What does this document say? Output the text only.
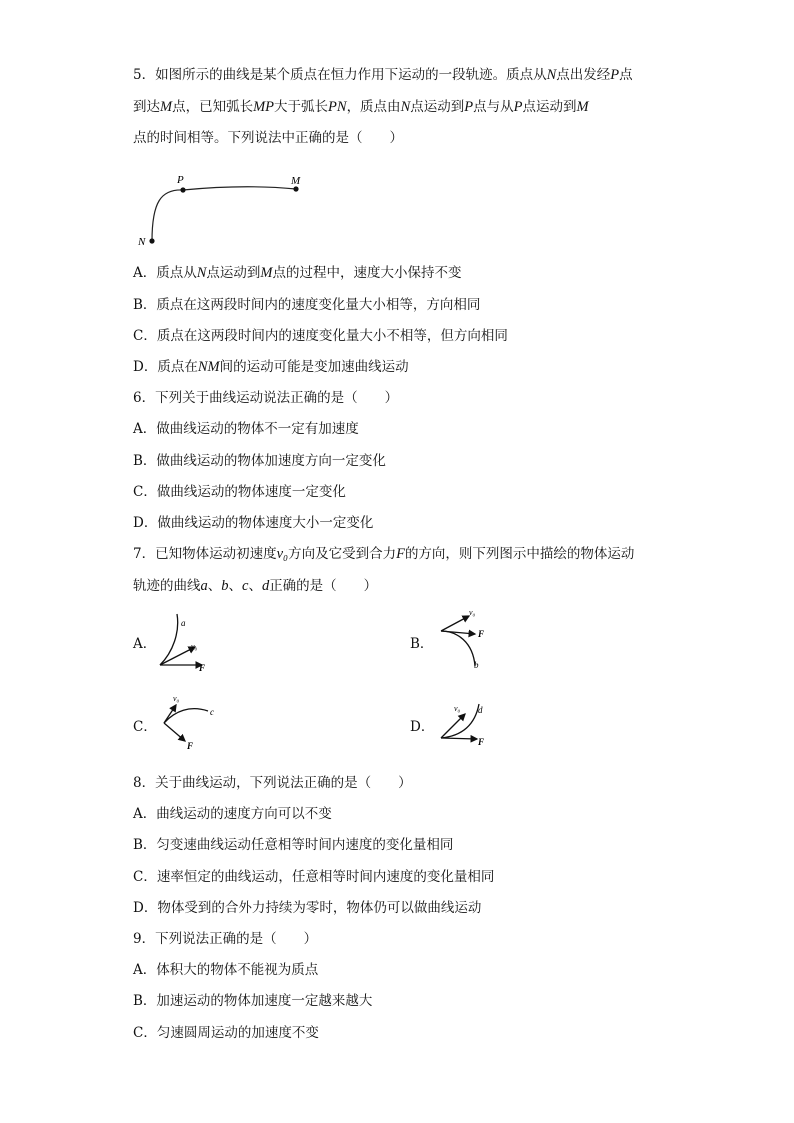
5．如图所示的曲线是某个质点在恒力作用下运动的一段轨迹。质点从N点出发经P点
到达M点，已知弧长MP大于弧长PN，质点由N点运动到P点与从P点运动到M
点的时间相等。下列说法中正确的是（　　）
P	M
N
A．质点从N点运动到M点的过程中，速度大小保持不变
B．质点在这两段时间内的速度变化量大小相等，方向相同
C．质点在这两段时间内的速度变化量大小不相等，但方向相同
D．质点在NM间的运动可能是变加速曲线运动
6．下列关于曲线运动说法正确的是（　　）
A．做曲线运动的物体不一定有加速度
B．做曲线运动的物体加速度方向一定变化
C．做曲线运动的物体速度一定变化
D．做曲线运动的物体速度大小一定变化
7．已知物体运动初速度v₀方向及它受到合力F的方向，则下列图示中描绘的物体运动
轨迹的曲线a、b、c、d正确的是（　　）
A．
a
v₀
F
B．
v₀
F
b
C．
v₀
c
F
D．
v₀ d
F
8．关于曲线运动，下列说法正确的是（　　）
A．曲线运动的速度方向可以不变
B．匀变速曲线运动任意相等时间内速度的变化量相同
C．速率恒定的曲线运动，任意相等时间内速度的变化量相同
D．物体受到的合外力持续为零时，物体仍可以做曲线运动
9．下列说法正确的是（　　）
A．体积大的物体不能视为质点
B．加速运动的物体加速度一定越来越大
C．匀速圆周运动的加速度不变
